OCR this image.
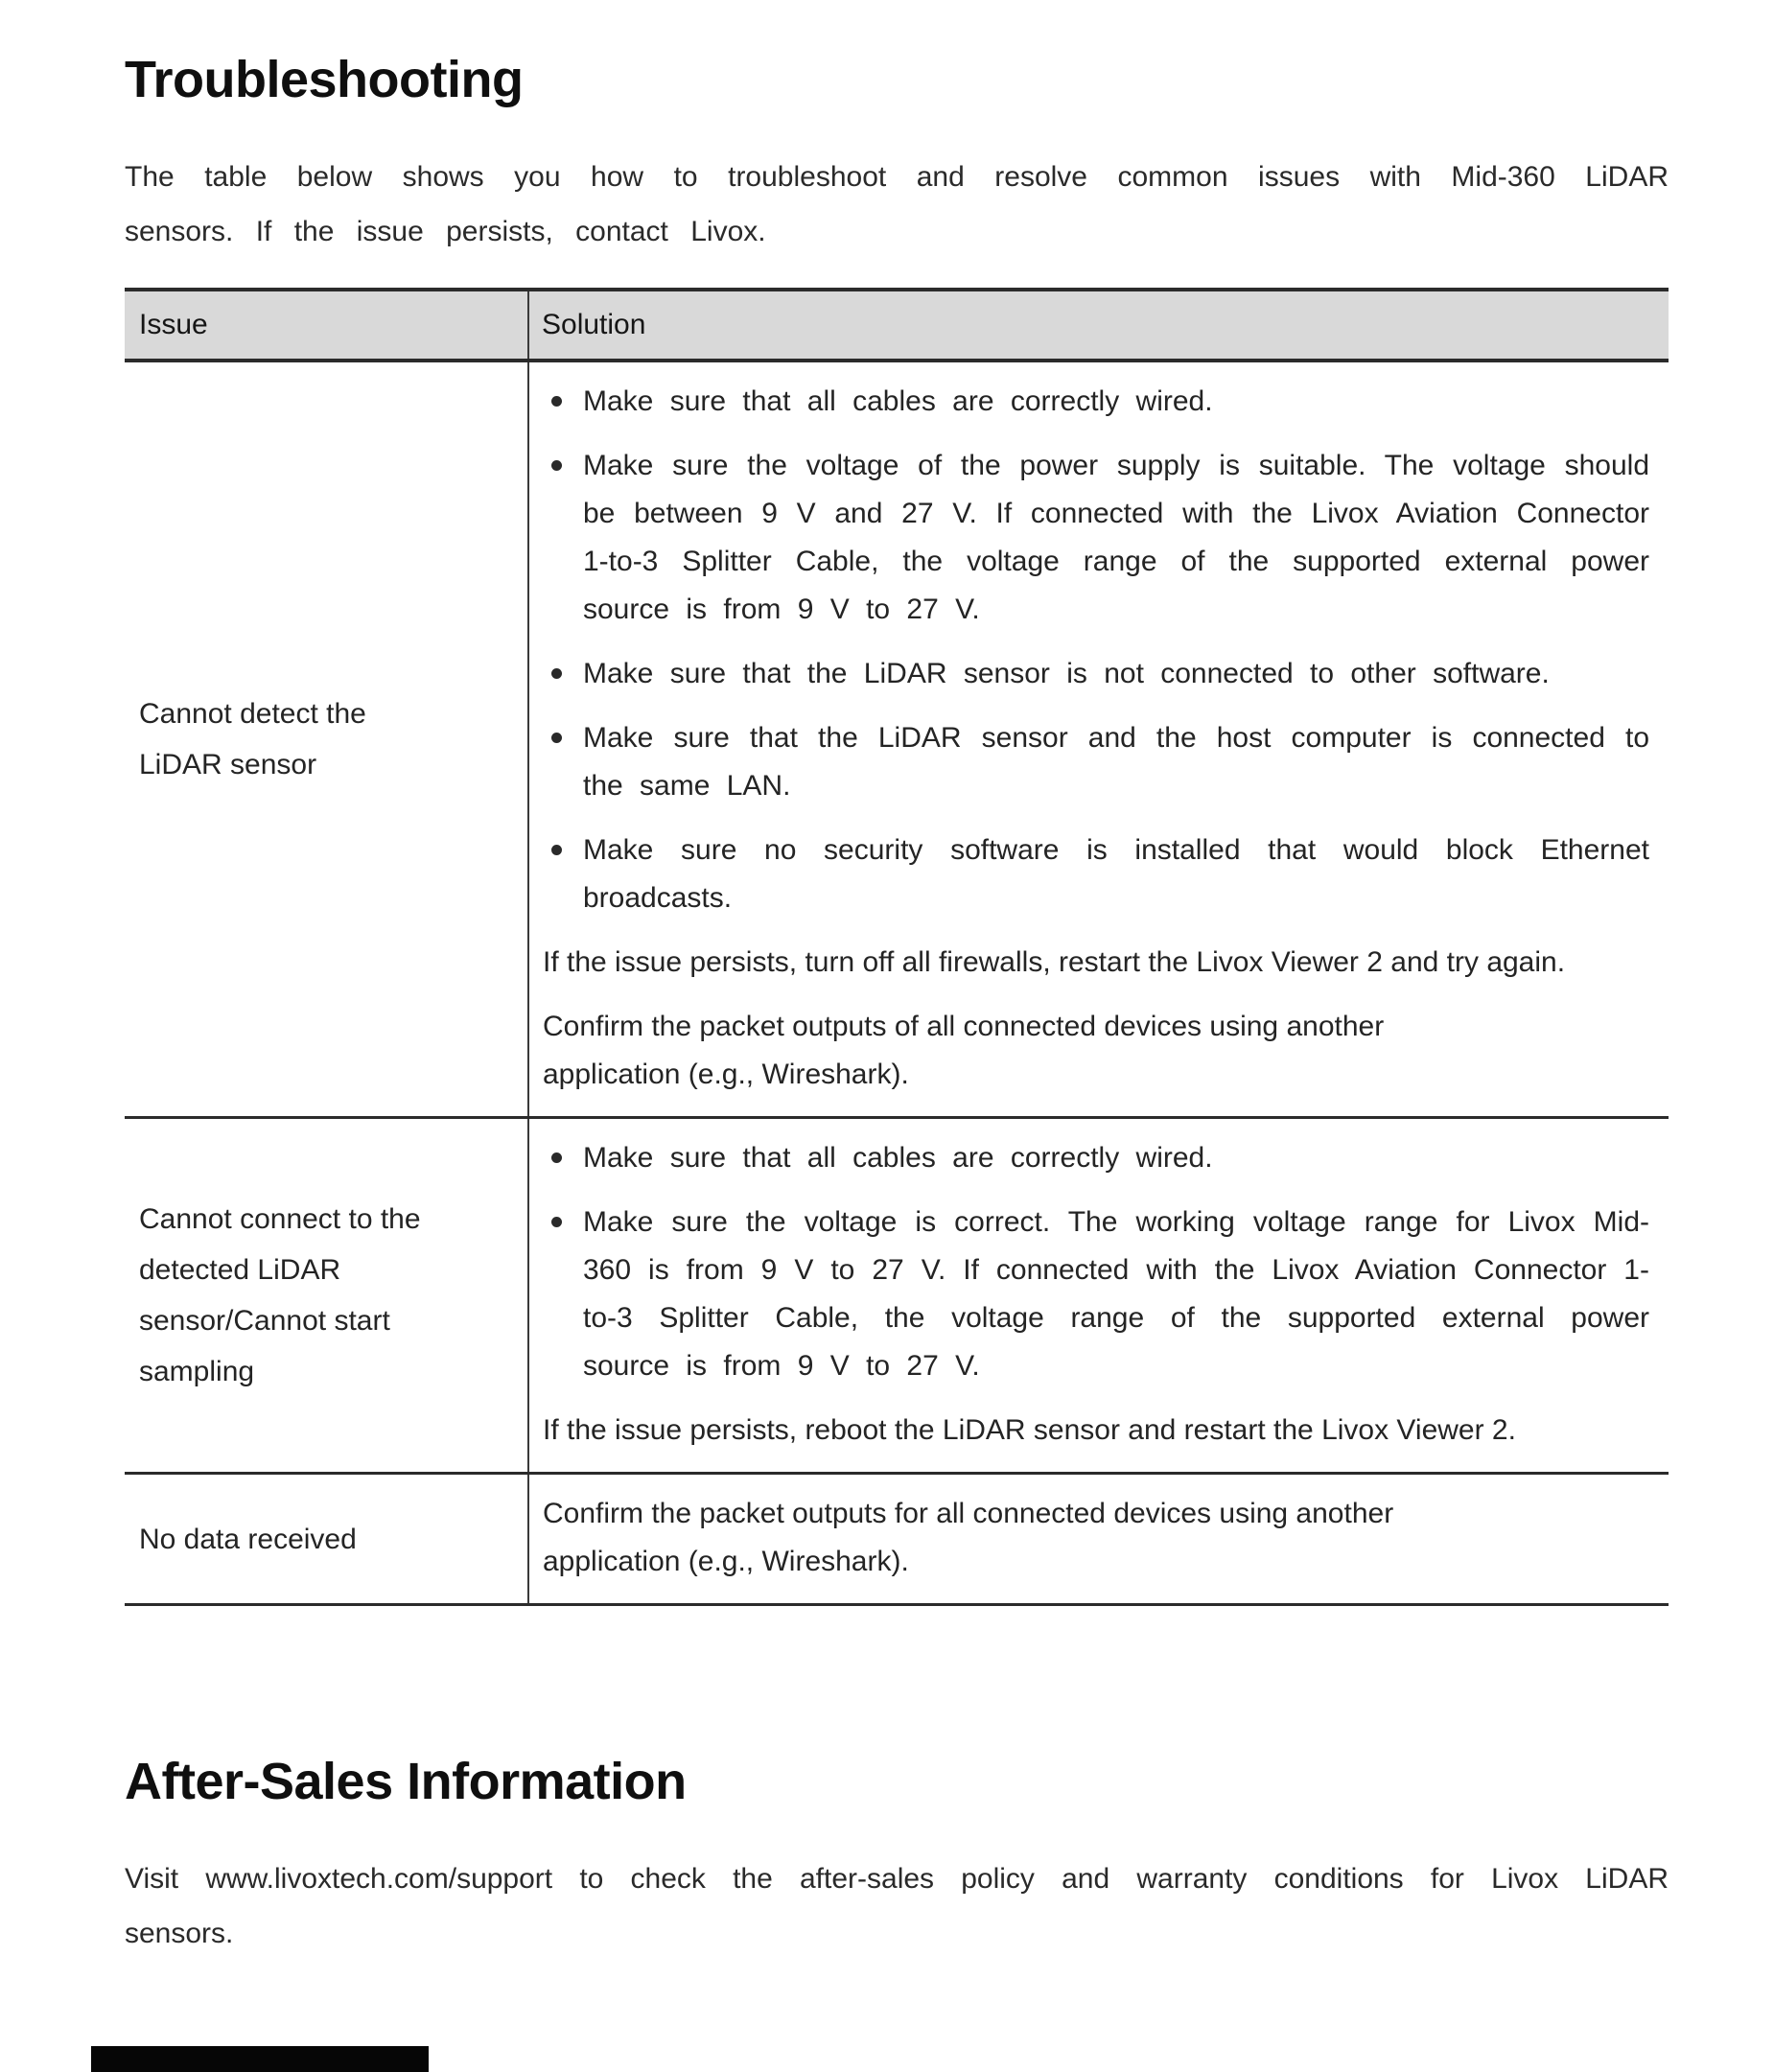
Troubleshooting

The table below shows you how to troubleshoot and resolve common issues with Mid-360 LiDAR sensors. If the issue persists, contact Livox.

Issue	Solution
Cannot detect the LiDAR sensor
Make sure that all cables are correctly wired.
Make sure the voltage of the power supply is suitable. The voltage should be between 9 V and 27 V. If connected with the Livox Aviation Connector 1-to-3 Splitter Cable, the voltage range of the supported external power source is from 9 V to 27 V.
Make sure that the LiDAR sensor is not connected to other software.
Make sure that the LiDAR sensor and the host computer is connected to the same LAN.
Make sure no security software is installed that would block Ethernet broadcasts.
If the issue persists, turn off all firewalls, restart the Livox Viewer 2 and try again.
Confirm the packet outputs of all connected devices using another application (e.g., Wireshark).
Cannot connect to the detected LiDAR sensor/Cannot start sampling
Make sure that all cables are correctly wired.
Make sure the voltage is correct. The working voltage range for Livox Mid-360 is from 9 V to 27 V. If connected with the Livox Aviation Connector 1-to-3 Splitter Cable, the voltage range of the supported external power source is from 9 V to 27 V.
If the issue persists, reboot the LiDAR sensor and restart the Livox Viewer 2.
No data received
Confirm the packet outputs for all connected devices using another application (e.g., Wireshark).
After-Sales Information

Visit www.livoxtech.com/support to check the after-sales policy and warranty conditions for Livox LiDAR sensors.
